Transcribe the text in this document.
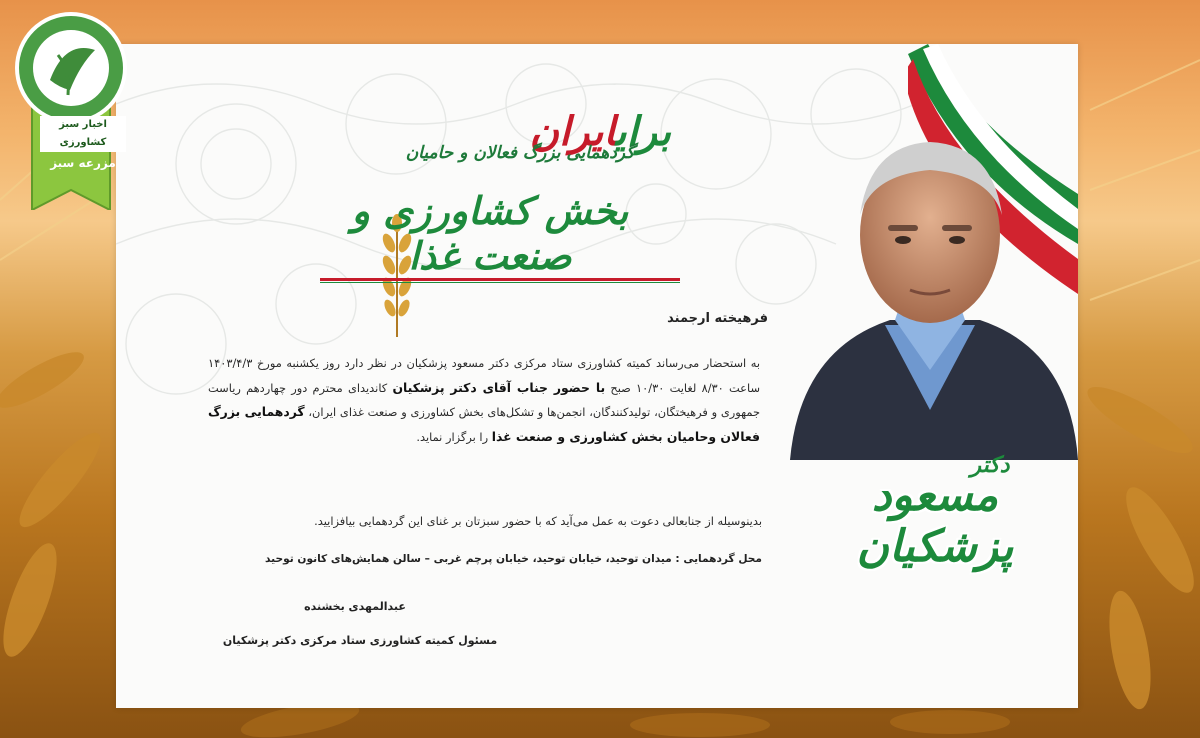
برایایران
گردهمایی بزرگ فعالان و حامیان
بخش کشاورزی و صنعت غذا
فرهیخته ارجمند
به استحضار می‌رساند کمیته کشاورزی ستاد مرکزی دکتر مسعود پزشکیان در نظر دارد روز یکشنبه مورخ ۱۴۰۳/۴/۳ ساعت ۸/۳۰ لغایت ۱۰/۳۰ صبح با حضور جناب آقای دکتر پزشکیان کاندیدای محترم دور چهاردهم ریاست جمهوری و فرهیختگان، تولیدکنندگان، انجمن‌ها و تشکل‌های بخش کشاورزی و صنعت غذای ایران، گردهمایی بزرگ فعالان وحامیان بخش کشاورزی و صنعت غذا را برگزار نماید.
بدینوسیله از جنابعالی دعوت به عمل می‌آید که با حضور سبزتان بر غنای این گردهمایی بیافزایید.
محل گردهمایی : میدان توحید، خیابان توحید، خیابان پرچم غربی – سالن همایش‌های کانون توحید
عبدالمهدی بخشنده
مسئول کمیته کشاورزی ستاد مرکزی دکتر پزشکیان
دکتر
مسعود پزشکیان
اخبار سبز کشاورزی
مزرعه سبز
